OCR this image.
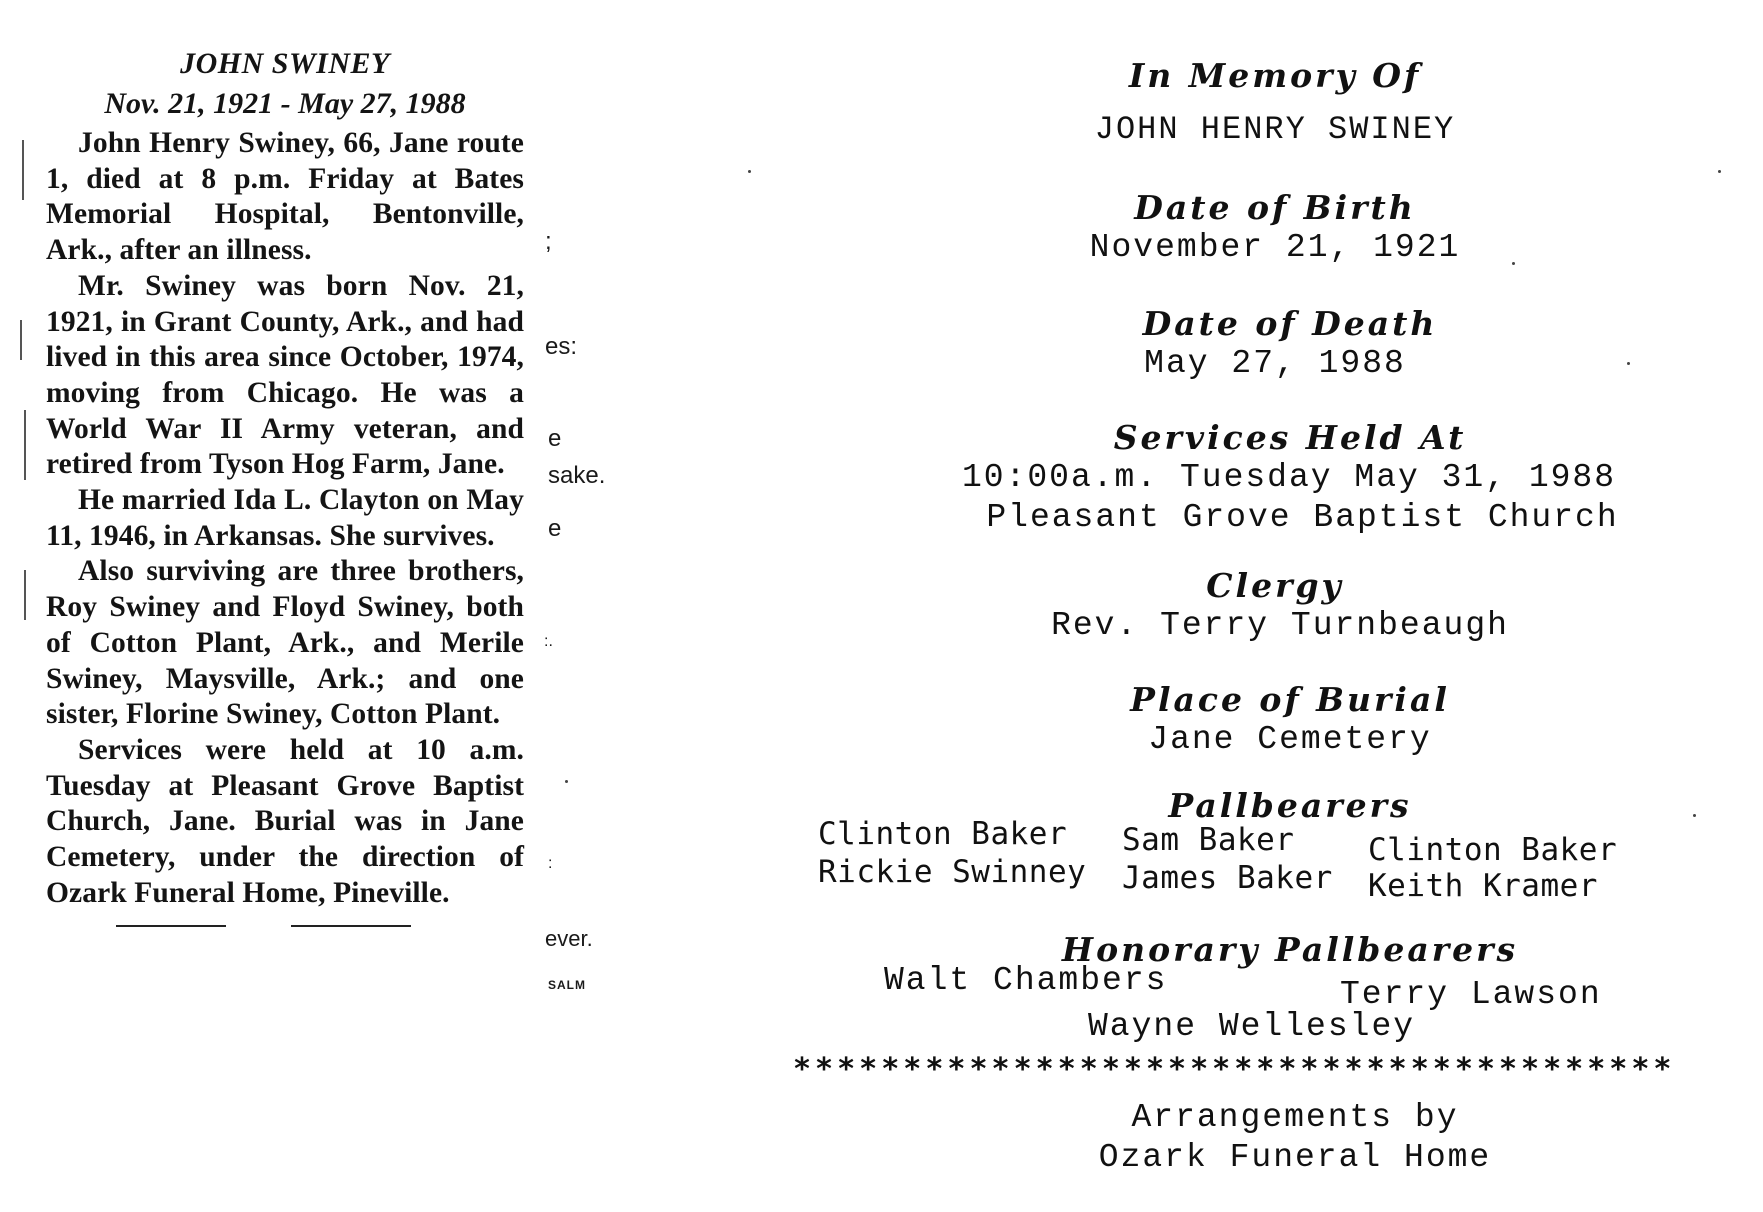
JOHN SWINEY

Nov. 21, 1921 - May 27, 1988

John Henry Swiney, 66, Jane route 1, died at 8 p.m. Friday at Bates Memorial Hospital, Bentonville, Ark., after an illness.

Mr. Swiney was born Nov. 21, 1921, in Grant County, Ark., and had lived in this area since October, 1974, moving from Chicago. He was a World War II Army veteran, and retired from Tyson Hog Farm, Jane.

He married Ida L. Clayton on May 11, 1946, in Arkansas. She survives.

Also surviving are three brothers, Roy Swiney and Floyd Swiney, both of Cotton Plant, Ark., and Merile Swiney, Maysville, Ark.; and one sister, Florine Swiney, Cotton Plant.

Services were held at 10 a.m. Tuesday at Pleasant Grove Baptist Church, Jane. Burial was in Jane Cemetery, under the direction of Ozark Funeral Home, Pineville.

;
es:
e
sake.
e
:.
:
ever.
SALM

In Memory Of

JOHN HENRY SWINEY

Date of Birth

November 21, 1921

Date of Death

May 27, 1988

Services Held At

10:00a.m. Tuesday May 31, 1988

Pleasant Grove Baptist Church

Clergy

Rev. Terry Turnbeaugh

Place of Burial

Jane Cemetery

Pallbearers

Clinton Baker Sam Baker Clinton Baker
Rickie Swinney James Baker Keith Kramer

Honorary Pallbearers

Walt Chambers	Terry Lawson
Wayne Wellesley
****************************************

Arrangements by

Ozark Funeral Home
